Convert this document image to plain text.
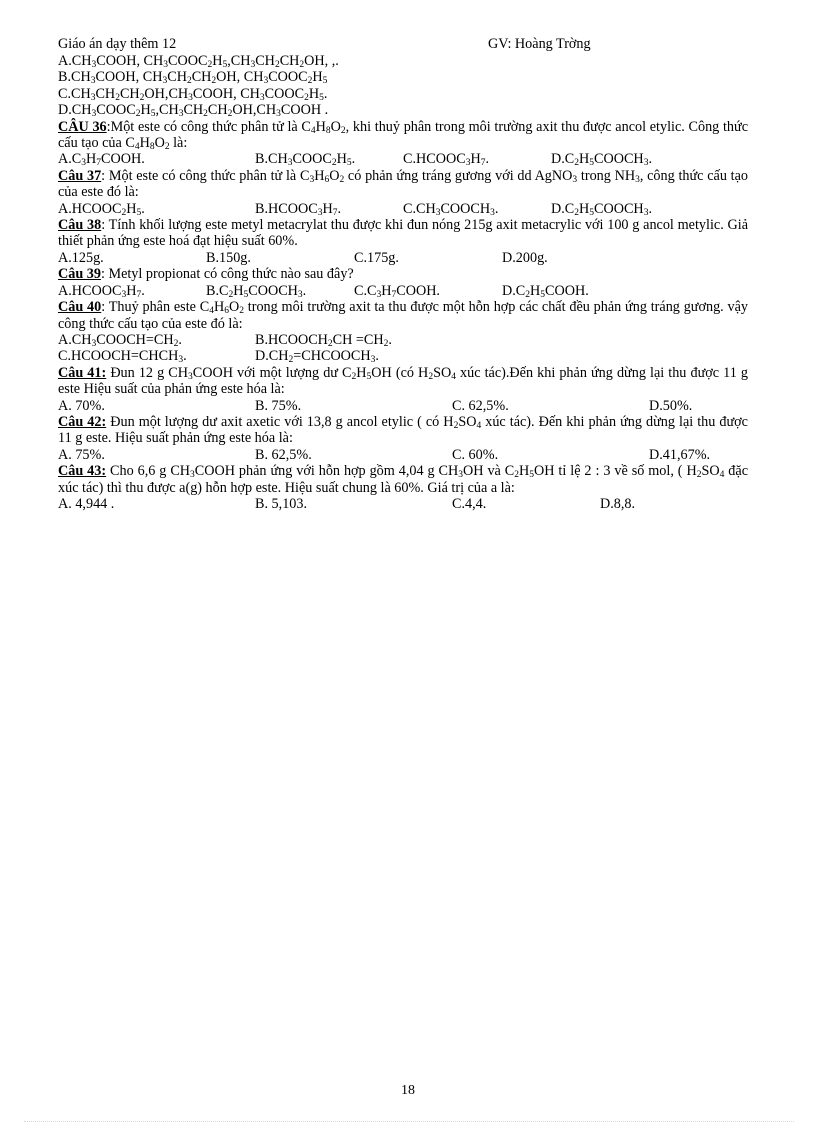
Giáo án dạy thêm 12	GV: Hoàng Trờng
$A.CH_3COOH$, $CH_3COOC_2H_5,CH_3CH_2CH_2OH$, ,.
$B.CH_3COOH$, $CH_3CH_2CH_2OH$, $CH_3COOC_2H_5$
$C.CH_3CH_2CH_2OH,CH_3COOH$, $CH_3COOC_2H_5$.
$D.CH_3COOC_2H_5,CH_3CH_2CH_2OH,CH_3COOH$ .
CÂU 36:Một este có công thức phân tử là $C_4H_8O_2$, khi thuỷ phân trong môi trường axit thu được ancol etylic. Công thức cấu tạo của $C_4H_8O_2$ là:
$A.C_3H_7COOH$.	$B.CH_3COOC_2H_5$.	$C.HCOOC_3H_7$.	$D.C_2H_5COOCH_3$.
Câu 37: Một este có công thức phân tử là $C_3H_6O_2$ có phản ứng tráng gương với dd AgNO$_3$ trong $NH_3$, công thức cấu tạo của este đó là:
$A.HCOOC_2H_5$.	$B.HCOOC_3H_7$.	$C.CH_3COOCH_3$.	$D.C_2H_5COOCH_3$.
Câu 38: Tính khối lượng este metyl metacrylat thu được khi đun nóng 215g axit metacrylic với 100 g ancol metylic. Giả thiết phản ứng este hoá đạt hiệu suất 60%.
A.125g.	B.150g.	C.175g.	D.200g.
Câu 39: Metyl propionat có công thức nào sau đây?
$A.HCOOC_3H_7$.	$B.C_2H_5COOCH_3$.	$C.C_3H_7COOH$.	$D.C_2H_5COOH$.
Câu 40: Thuỷ phân este $C_4H_6O_2$ trong môi trường axit ta thu được một hỗn hợp các chất đều phản ứng tráng gương. vậy công thức cấu tạo của este đó là:
$A.CH_3COOCH=CH_2$.	$B.HCOOCH_2CH =CH_2$.
$C.HCOOCH=CHCH_3$.	$D.CH_2=CHCOOCH_3$.
Câu 41: Đun 12 g $CH_3COOH$ với một lượng dư $C_2H_5OH$ (có $H_2SO_4$ xúc tác).Đến khi phản ứng dừng lại thu được 11 g este Hiệu suất của phản ứng este hóa là:
A. 70%.	B. 75%.	C. 62,5%.	D.50%.
Câu 42: Đun một lượng dư axit axetic với 13,8 g ancol etylic ( có $H_2SO_4$ xúc tác). Đến khi phản ứng dừng lại thu được 11 g este. Hiệu suất phản ứng este hóa là:
A. 75%.	B. 62,5%.	C. 60%.	D.41,67%.
Câu 43: Cho 6,6 g $CH_3COOH$ phản ứng với hỗn hợp gồm 4,04 g $CH_3OH$ và $C_2H_5OH$ tỉ lệ 2 : 3 về số mol, ( $H_2SO_4$ đặc xúc tác) thì thu được a(g) hỗn hợp este. Hiệu suất chung là 60%. Giá trị của a là:
A. 4,944 .	B. 5,103.	C.4,4.	D.8,8.
18
